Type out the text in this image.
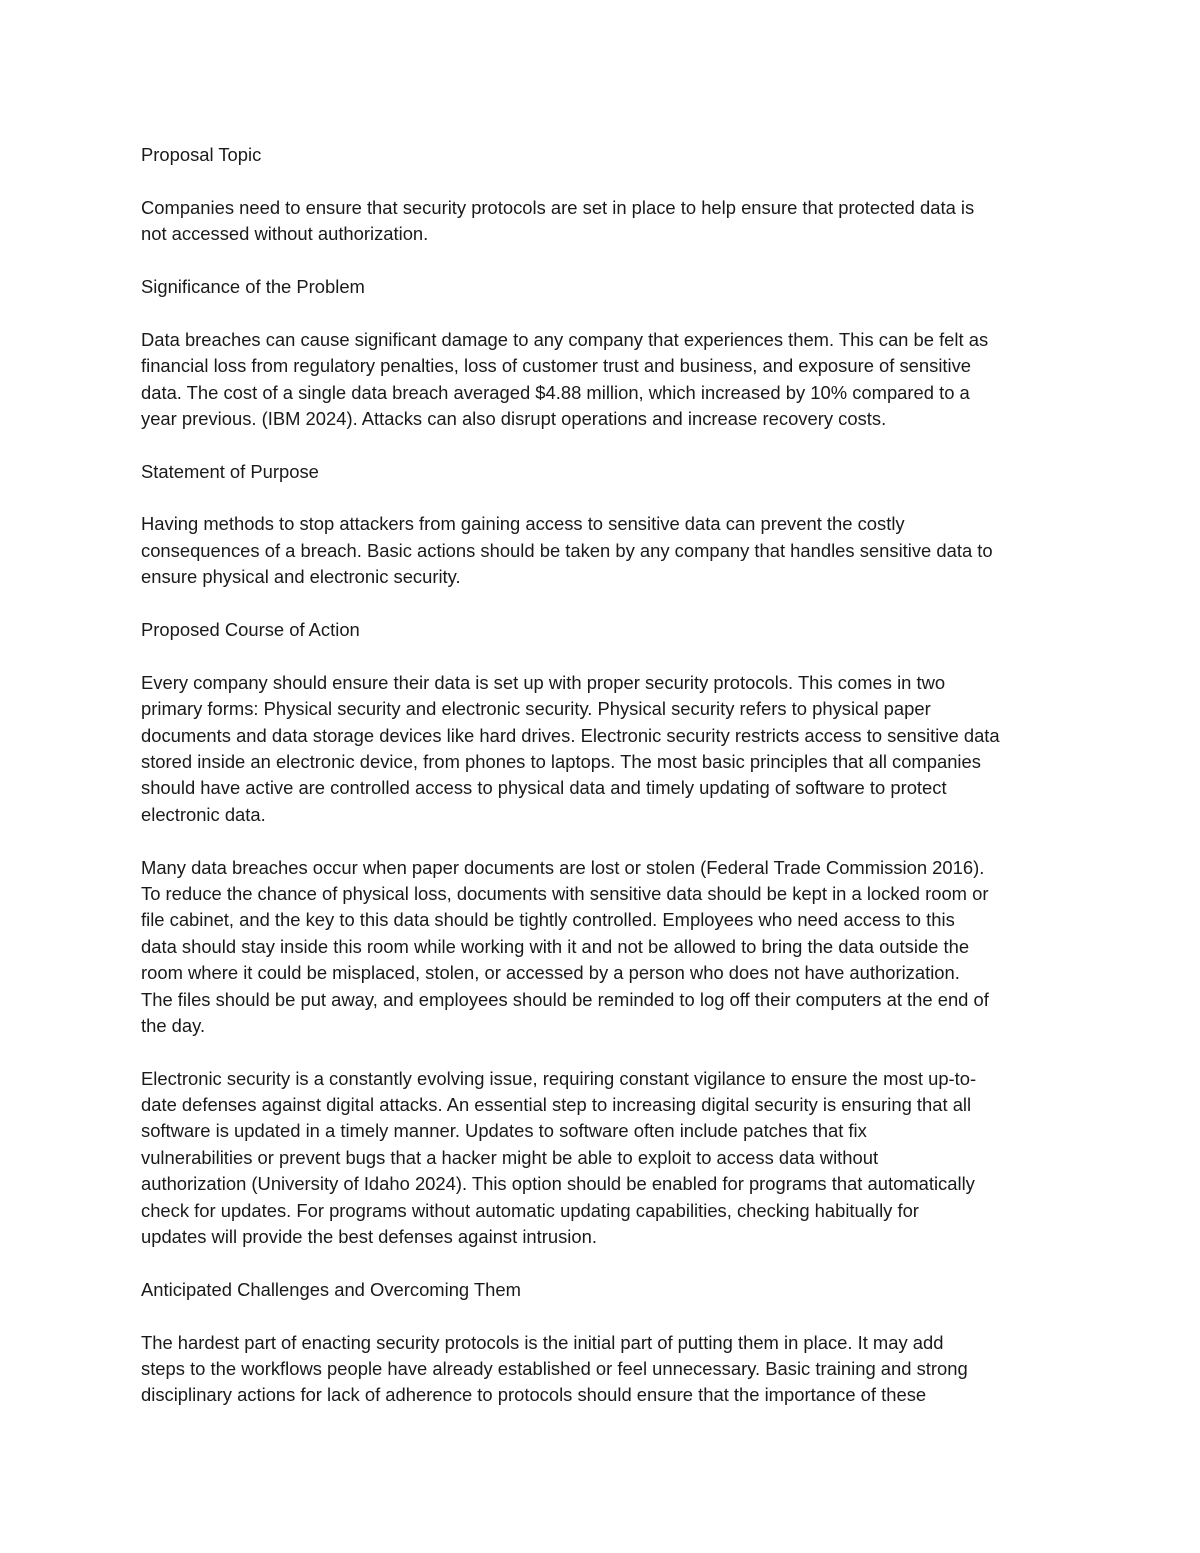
Proposal Topic
Companies need to ensure that security protocols are set in place to help ensure that protected data is
not accessed without authorization.
Significance of the Problem
Data breaches can cause significant damage to any company that experiences them. This can be felt as
financial loss from regulatory penalties, loss of customer trust and business, and exposure of sensitive
data. The cost of a single data breach averaged $4.88 million, which increased by 10% compared to a
year previous. (IBM 2024). Attacks can also disrupt operations and increase recovery costs.
Statement of Purpose
Having methods to stop attackers from gaining access to sensitive data can prevent the costly
consequences of a breach. Basic actions should be taken by any company that handles sensitive data to
ensure physical and electronic security.
Proposed Course of Action
Every company should ensure their data is set up with proper security protocols. This comes in two
primary forms: Physical security and electronic security. Physical security refers to physical paper
documents and data storage devices like hard drives. Electronic security restricts access to sensitive data
stored inside an electronic device, from phones to laptops. The most basic principles that all companies
should have active are controlled access to physical data and timely updating of software to protect
electronic data.
Many data breaches occur when paper documents are lost or stolen (Federal Trade Commission 2016).
To reduce the chance of physical loss, documents with sensitive data should be kept in a locked room or
file cabinet, and the key to this data should be tightly controlled. Employees who need access to this
data should stay inside this room while working with it and not be allowed to bring the data outside the
room where it could be misplaced, stolen, or accessed by a person who does not have authorization.
The files should be put away, and employees should be reminded to log off their computers at the end of
the day.
Electronic security is a constantly evolving issue, requiring constant vigilance to ensure the most up-to-
date defenses against digital attacks. An essential step to increasing digital security is ensuring that all
software is updated in a timely manner. Updates to software often include patches that fix
vulnerabilities or prevent bugs that a hacker might be able to exploit to access data without
authorization (University of Idaho 2024). This option should be enabled for programs that automatically
check for updates. For programs without automatic updating capabilities, checking habitually for
updates will provide the best defenses against intrusion.
Anticipated Challenges and Overcoming Them
The hardest part of enacting security protocols is the initial part of putting them in place. It may add
steps to the workflows people have already established or feel unnecessary. Basic training and strong
disciplinary actions for lack of adherence to protocols should ensure that the importance of these
